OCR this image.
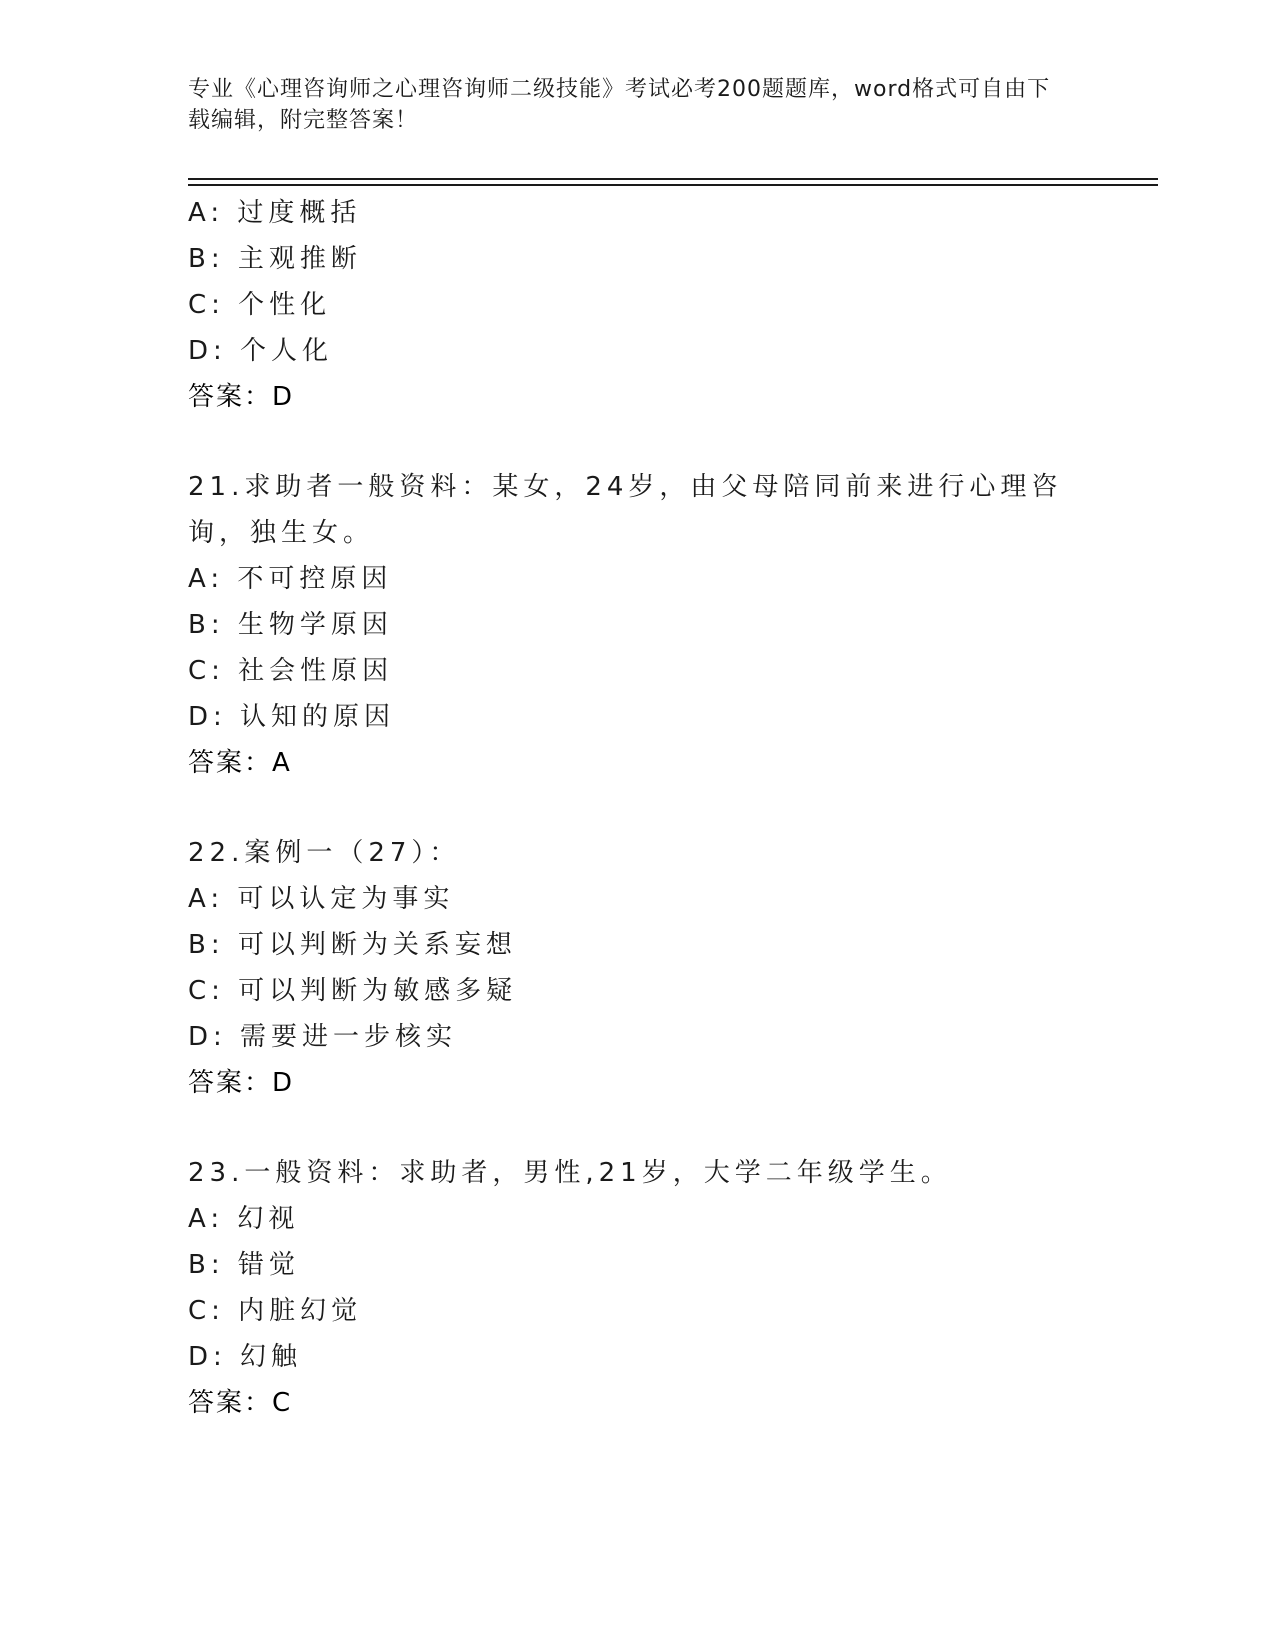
专业《心理咨询师之心理咨询师二级技能》考试必考200题题库，word格式可自由下载编辑，附完整答案！
A: 过度概括
B: 主观推断
C: 个性化
D: 个人化
答案：D
21.求助者一般资料：某女，24岁，由父母陪同前来进行心理咨询，独生女。
A: 不可控原因
B: 生物学原因
C: 社会性原因
D: 认知的原因
答案：A
22.案例一（27）：
A: 可以认定为事实
B: 可以判断为关系妄想
C: 可以判断为敏感多疑
D: 需要进一步核实
答案：D
23.一般资料：求助者，男性,21岁，大学二年级学生。
A: 幻视
B: 错觉
C: 内脏幻觉
D: 幻触
答案：C
